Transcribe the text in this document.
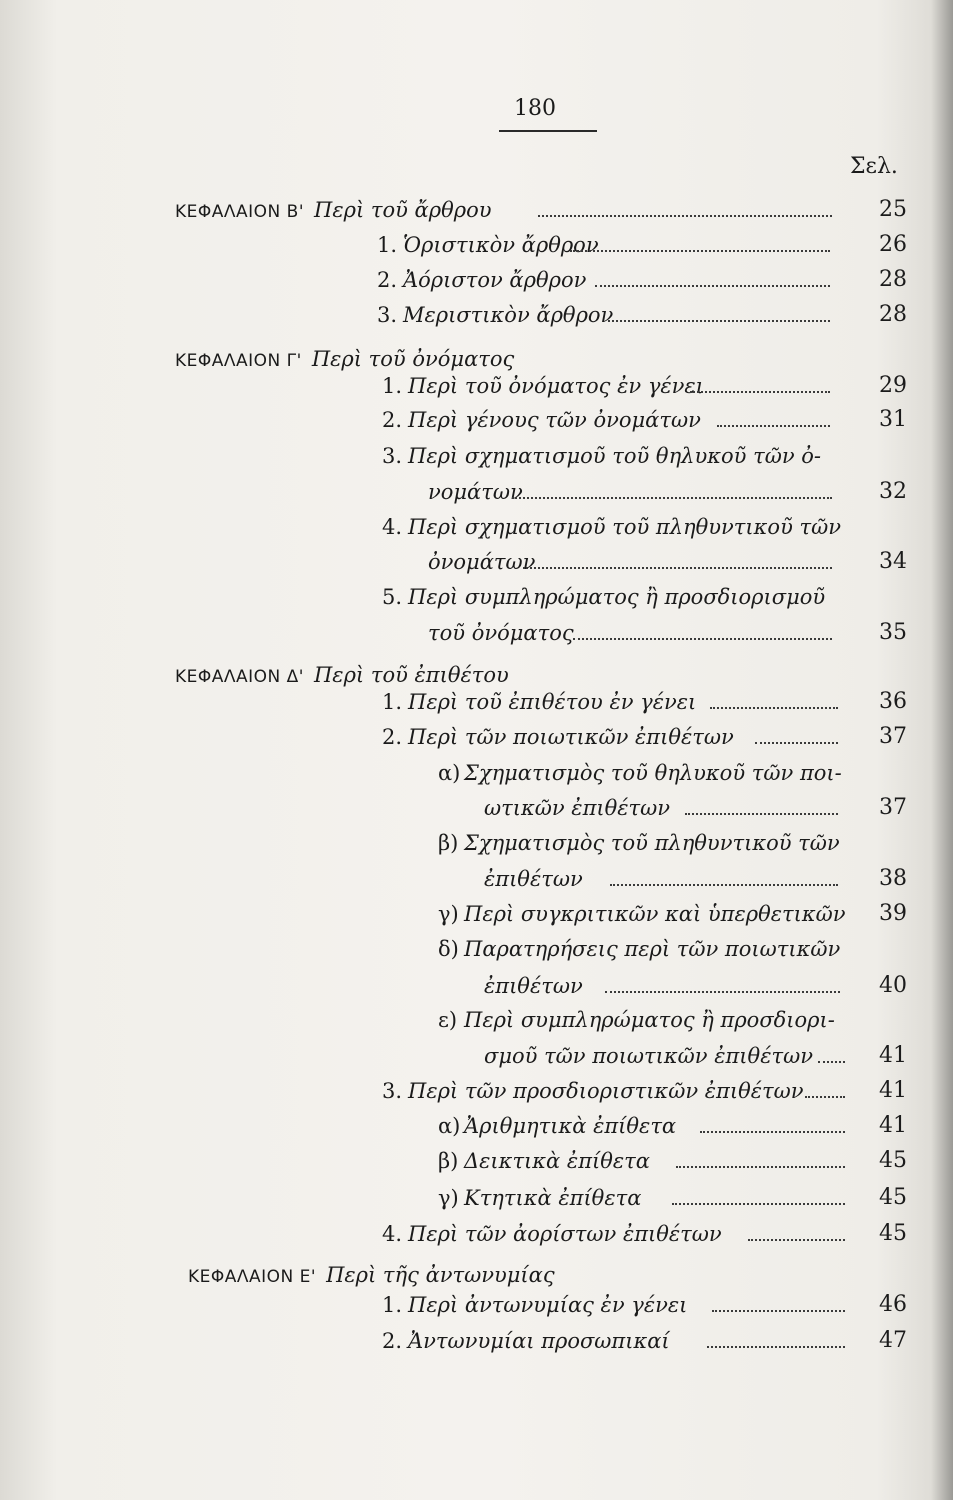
180
Σελ.
ΚΕΦΑΛΑΙΟΝ Β' Περὶ τοῦ ἄρθρου	25
1.Ὁριστικὸν ἄρθρον	26
2.Ἀόριστον ἄρθρον	28
3.Μεριστικὸν ἄρθρον	28
ΚΕΦΑΛΑΙΟΝ Γ' Περὶ τοῦ ὀνόματος
1.Περὶ τοῦ ὀνόματος ἐν γένει	29
2.Περὶ γένους τῶν ὀνομάτων	31
3.Περὶ σχηματισμοῦ τοῦ θηλυκοῦ τῶν ὀ-
νομάτων	32
4.Περὶ σχηματισμοῦ τοῦ πληθυντικοῦ τῶν
ὀνομάτων	34
5.Περὶ συμπληρώματος ἢ προσδιορισμοῦ
τοῦ ὀνόματος	35
ΚΕΦΑΛΑΙΟΝ Δ' Περὶ τοῦ ἐπιθέτου
1.Περὶ τοῦ ἐπιθέτου ἐν γένει	36
2.Περὶ τῶν ποιωτικῶν ἐπιθέτων	37
α)Σχηματισμὸς τοῦ θηλυκοῦ τῶν ποι-
ωτικῶν ἐπιθέτων	37
β)Σχηματισμὸς τοῦ πληθυντικοῦ τῶν
ἐπιθέτων	38
γ)Περὶ συγκριτικῶν καὶ ὑπερθετικῶν	39
δ)Παρατηρήσεις περὶ τῶν ποιωτικῶν
ἐπιθέτων	40
ε)Περὶ συμπληρώματος ἢ προσδιορι-
σμοῦ τῶν ποιωτικῶν ἐπιθέτων	41
3.Περὶ τῶν προσδιοριστικῶν ἐπιθέτων	41
α)Ἀριθμητικὰ ἐπίθετα	41
β)Δεικτικὰ ἐπίθετα	45
γ)Κτητικὰ ἐπίθετα	45
4.Περὶ τῶν ἀορίστων ἐπιθέτων	45
ΚΕΦΑΛΑΙΟΝ Ε' Περὶ τῆς ἀντωνυμίας
1.Περὶ ἀντωνυμίας ἐν γένει	46
2.Ἀντωνυμίαι προσωπικαί	47
